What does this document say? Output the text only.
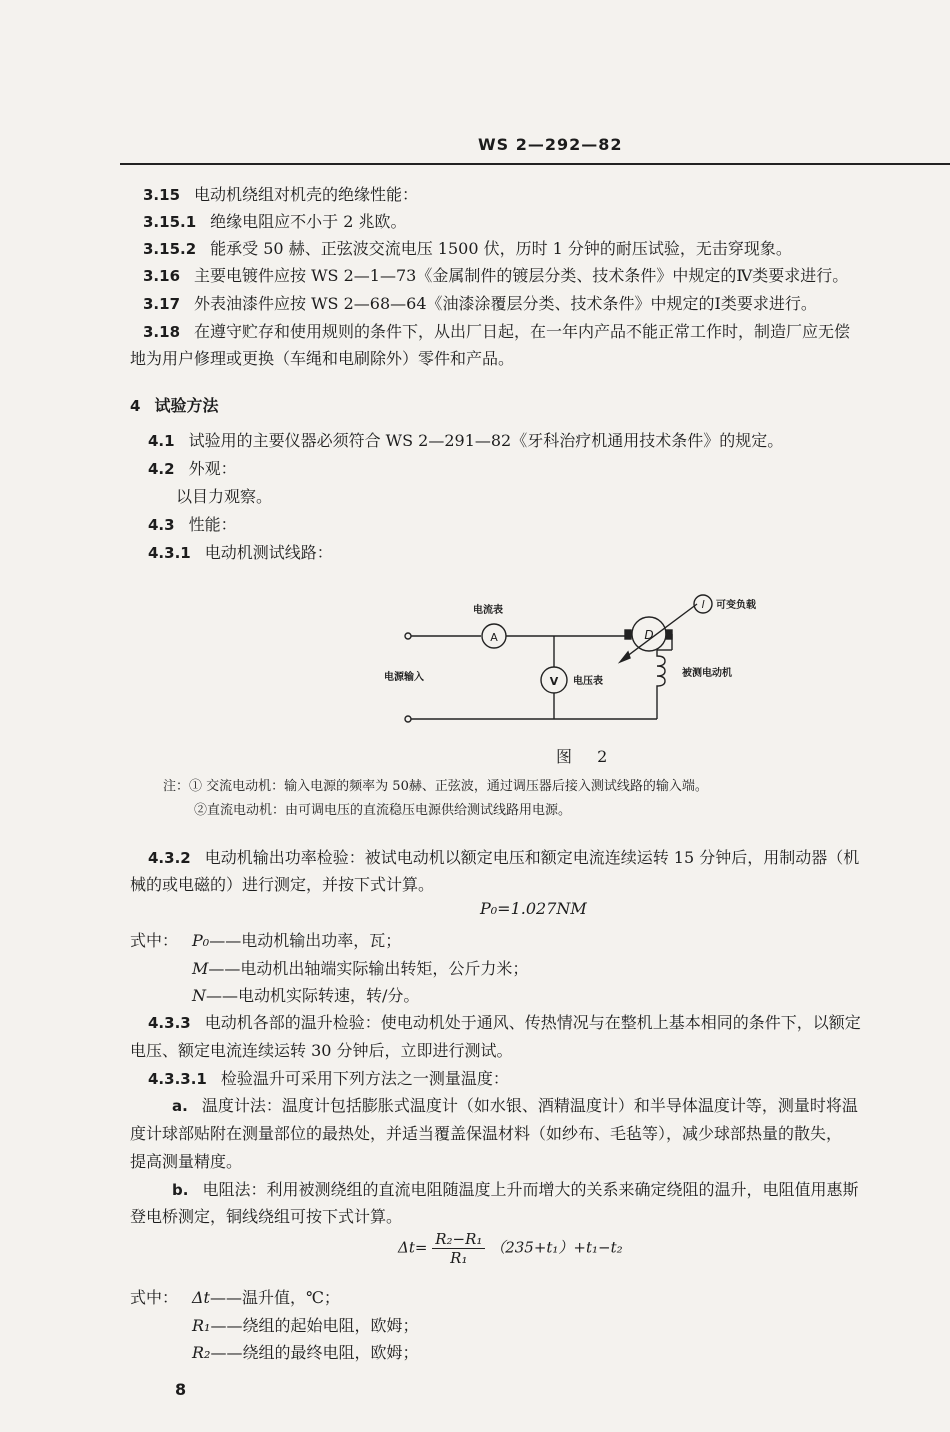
WS 2—292—82
3.15 电动机绕组对机壳的绝缘性能：
3.15.1 绝缘电阻应不小于 2 兆欧。
3.15.2 能承受 50 赫、正弦波交流电压 1500 伏，历时 1 分钟的耐压试验，无击穿现象。
3.16 主要电镀件应按 WS 2—1—73《金属制件的镀层分类、技术条件》中规定的Ⅳ类要求进行。
3.17 外表油漆件应按 WS 2—68—64《油漆涂覆层分类、技术条件》中规定的Ⅰ类要求进行。
3.18 在遵守贮存和使用规则的条件下，从出厂日起，在一年内产品不能正常工作时，制造厂应无偿
地为用户修理或更换（车绳和电刷除外）零件和产品。
4 试验方法
4.1 试验用的主要仪器必须符合 WS 2—291—82《牙科治疗机通用技术条件》的规定。
4.2 外观：
以目力观察。
4.3 性能：
4.3.1 电动机测试线路：
A
V
D
l
电流表
电压表
可变负载
被测电动机
电源输入
图 2
注：① 交流电动机：输入电源的频率为 50赫、正弦波，通过调压器后接入测试线路的输入端。
②直流电动机：由可调电压的直流稳压电源供给测试线路用电源。
4.3.2 电动机输出功率检验：被试电动机以额定电压和额定电流连续运转 15 分钟后，用制动器（机
械的或电磁的）进行测定，并按下式计算。
P₀=1.027NM
式中： P₀——电动机输出功率，瓦；
M——电动机出轴端实际输出转矩，公斤力米；
N——电动机实际转速，转/分。
4.3.3 电动机各部的温升检验：使电动机处于通风、传热情况与在整机上基本相同的条件下，以额定
电压、额定电流连续运转 30 分钟后，立即进行测试。
4.3.3.1 检验温升可采用下列方法之一测量温度：
a. 温度计法：温度计包括膨胀式温度计（如水银、酒精温度计）和半导体温度计等，测量时将温
度计球部贴附在测量部位的最热处，并适当覆盖保温材料（如纱布、毛毡等），减少球部热量的散失，
提高测量精度。
b. 电阻法：利用被测绕组的直流电阻随温度上升而增大的关系来确定绕阻的温升，电阻值用惠斯
登电桥测定，铜线绕组可按下式计算。
$\Delta t= \frac{\text{R₂−R₁}}{\text{R₁}} (235+t_1)+t_1-t_2$
式中： Δt——温升值，℃；
R₁——绕组的起始电阻，欧姆；
R₂——绕组的最终电阻，欧姆；
8
